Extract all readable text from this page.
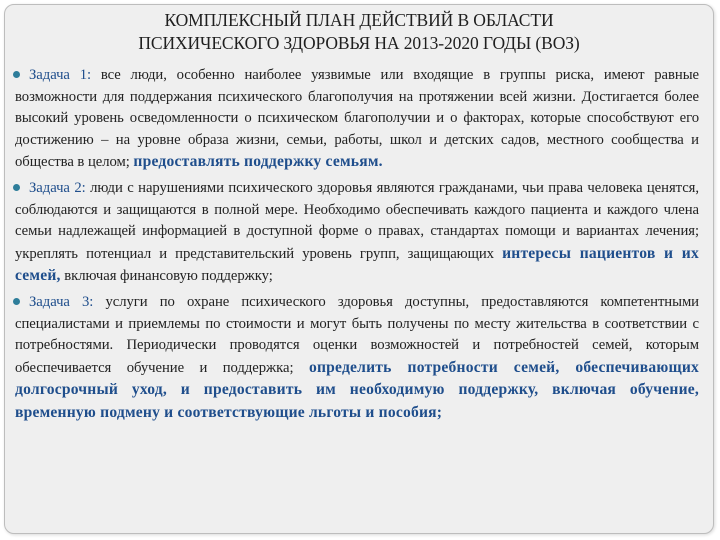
КОМПЛЕКСНЫЙ ПЛАН ДЕЙСТВИЙ В ОБЛАСТИ
ПСИХИЧЕСКОГО ЗДОРОВЬЯ НА 2013-2020 ГОДЫ (ВОЗ)
Задача 1: все люди, особенно наиболее уязвимые или входящие в группы риска, имеют равные возможности для поддержания психического благополучия на протяжении всей жизни. Достигается более высокий уровень осведомленности о психическом благополучии и о факторах, которые способствуют его достижению – на уровне образа жизни, семьи, работы, школ и детских садов, местного сообщества и общества в целом; предоставлять поддержку семьям.
Задача 2: люди с нарушениями психического здоровья являются гражданами, чьи права человека ценятся, соблюдаются и защищаются в полной мере. Необходимо обеспечивать каждого пациента и каждого члена семьи надлежащей информацией в доступной форме о правах, стандартах помощи и вариантах лечения; укреплять потенциал и представительский уровень групп, защищающих интересы пациентов и их семей, включая финансовую поддержку;
Задача 3: услуги по охране психического здоровья доступны, предоставляются компетентными специалистами и приемлемы по стоимости и могут быть получены по месту жительства в соответствии с потребностями. Периодически проводятся оценки возможностей и потребностей семей, которым обеспечивается обучение и поддержка; определить потребности семей, обеспечивающих долгосрочный уход, и предоставить им необходимую поддержку, включая обучение, временную подмену и соответствующие льготы и пособия;
